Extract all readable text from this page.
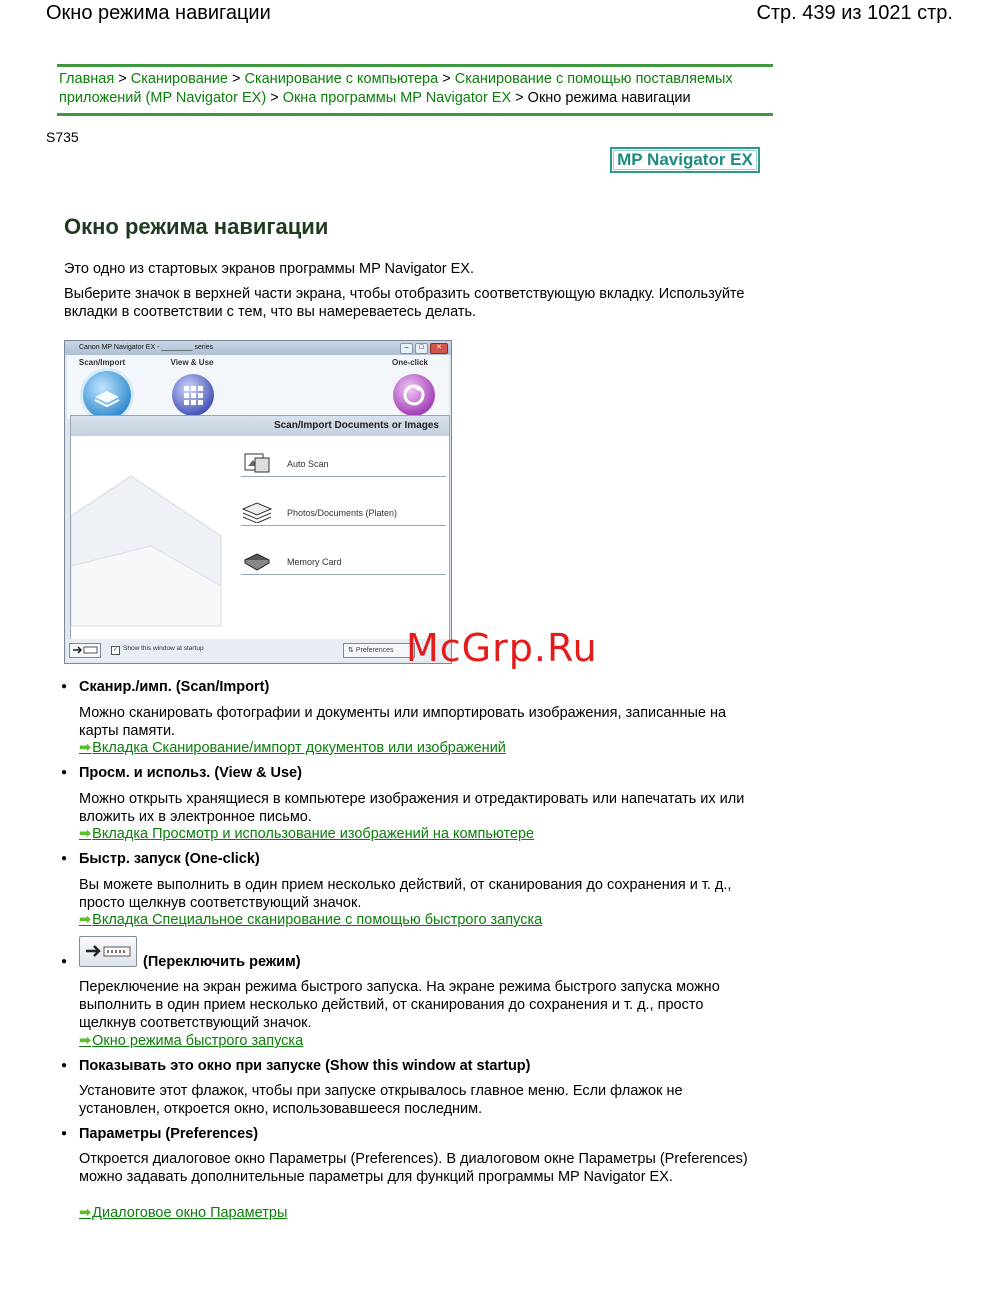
Окно режима навигации	Стр. 439 из 1021 стр.
Главная > Сканирование > Сканирование с компьютера > Сканирование с помощью поставляемых приложений (MP Navigator EX) > Окна программы MP Navigator EX > Окно режима навигации
S735
MP Navigator EX
Окно режима навигации
Это одно из стартовых экранов программы MP Navigator EX.
Выберите значок в верхней части экрана, чтобы отобразить соответствующую вкладку. Используйте вкладки в соответствии с тем, что вы намереваетесь делать.
Canon MP Navigator EX - ________ series	–	□	✕
Scan/Import	View & Use	One-click
Scan/Import Documents or Images
Auto Scan
Photos/Documents (Platen)
Memory Card
✓ Show this window at startup	⇅ Preferences McGrp.Ru
● Сканир./имп. (Scan/Import)
Можно сканировать фотографии и документы или импортировать изображения, записанные на карты памяти.
➡Вкладка Сканирование/импорт документов или изображений
● Просм. и использ. (View & Use)
Можно открыть хранящиеся в компьютере изображения и отредактировать или напечатать их или вложить их в электронное письмо.
➡Вкладка Просмотр и использование изображений на компьютере
● Быстр. запуск (One-click)
Вы можете выполнить в один прием несколько действий, от сканирования до сохранения и т. д., просто щелкнув соответствующий значок.
➡Вкладка Специальное сканирование с помощью быстрого запуска
●
(Переключить режим)
Переключение на экран режима быстрого запуска. На экране режима быстрого запуска можно выполнить в один прием несколько действий, от сканирования до сохранения и т. д., просто щелкнув соответствующий значок.
➡Окно режима быстрого запуска
● Показывать это окно при запуске (Show this window at startup)
Установите этот флажок, чтобы при запуске открывалось главное меню. Если флажок не установлен, откроется окно, использовавшееся последним.
● Параметры (Preferences)
Откроется диалоговое окно Параметры (Preferences). В диалоговом окне Параметры (Preferences) можно задавать дополнительные параметры для функций программы MP Navigator EX.
➡Диалоговое окно Параметры
